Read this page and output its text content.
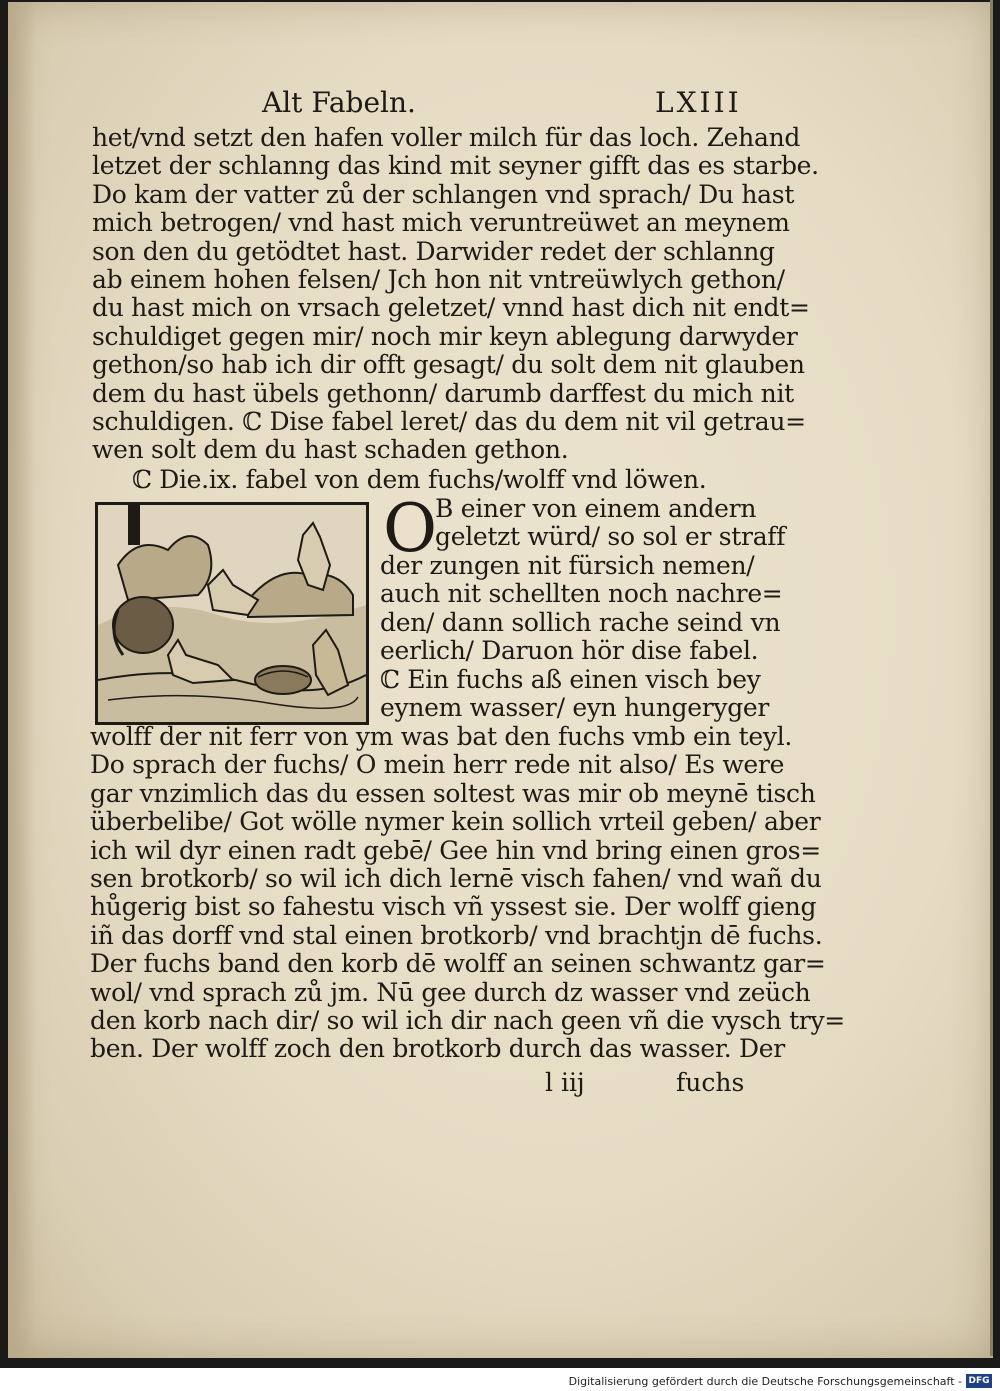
Alt Fabeln.	LXIII
het/vnd setzt den hafen voller milch für das loch. Zehand
letzet der schlanng das kind mit seyner gifft das es starbe.
Do kam der vatter zů der schlangen vnd sprach/ Du hast
mich betrogen/ vnd hast mich veruntreüwet an meynem
son den du getödtet hast. Darwider redet der schlanng
ab einem hohen felsen/ Jch hon nit vntreüwlych gethon/
du hast mich on vrsach geletzet/ vnnd hast dich nit endt=
schuldiget gegen mir/ noch mir keyn ablegung darwyder
gethon/so hab ich dir offt gesagt/ du solt dem nit glauben
dem du hast übels gethonn/ darumb darffest du mich nit
schuldigen. ℂ Dise fabel leret/ das du dem nit vil getrau=
wen solt dem du hast schaden gethon.
ℂ Die.ix. fabel von dem fuchs/wolff vnd löwen.
O
B einer von einem andern
geletzt würd/ so sol er straff
der zungen nit fürsich nemen/
auch nit schellten noch nachre=
den/ dann sollich rache seind vn
eerlich/ Daruon hör dise fabel.
ℂ Ein fuchs aß einen visch bey
eynem wasser/ eyn hungeryger
wolff der nit ferr von ym was bat den fuchs vmb ein teyl.
Do sprach der fuchs/ O mein herr rede nit also/ Es were
gar vnzimlich das du essen soltest was mir ob meynē tisch
überbelibe/ Got wölle nymer kein sollich vrteil geben/ aber
ich wil dyr einen radt gebē/ Gee hin vnd bring einen gros=
sen brotkorb/ so wil ich dich lernē visch fahen/ vnd wañ du
hůgerig bist so fahestu visch vñ yssest sie. Der wolff gieng
iñ das dorff vnd stal einen brotkorb/ vnd brachtjn dē fuchs.
Der fuchs band den korb dē wolff an seinen schwantz gar=
wol/ vnd sprach zů jm. Nū gee durch dz wasser vnd zeüch
den korb nach dir/ so wil ich dir nach geen vñ die vysch try=
ben. Der wolff zoch den brotkorb durch das wasser. Der
l iij	fuchs
Digitalisierung gefördert durch die Deutsche Forschungsgemeinschaft - DFG
